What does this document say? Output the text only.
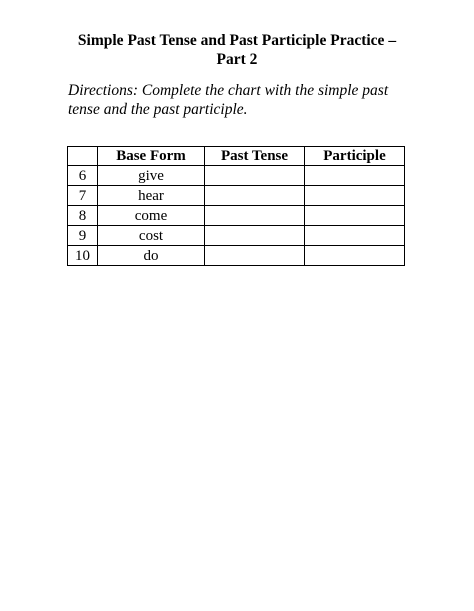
Simple Past Tense and Past Participle Practice –
Part 2
Directions: Complete the chart with the simple past tense and the past participle.
	Base Form	Past Tense	Participle
6	give		
7	hear		
8	come		
9	cost		
10	do		
